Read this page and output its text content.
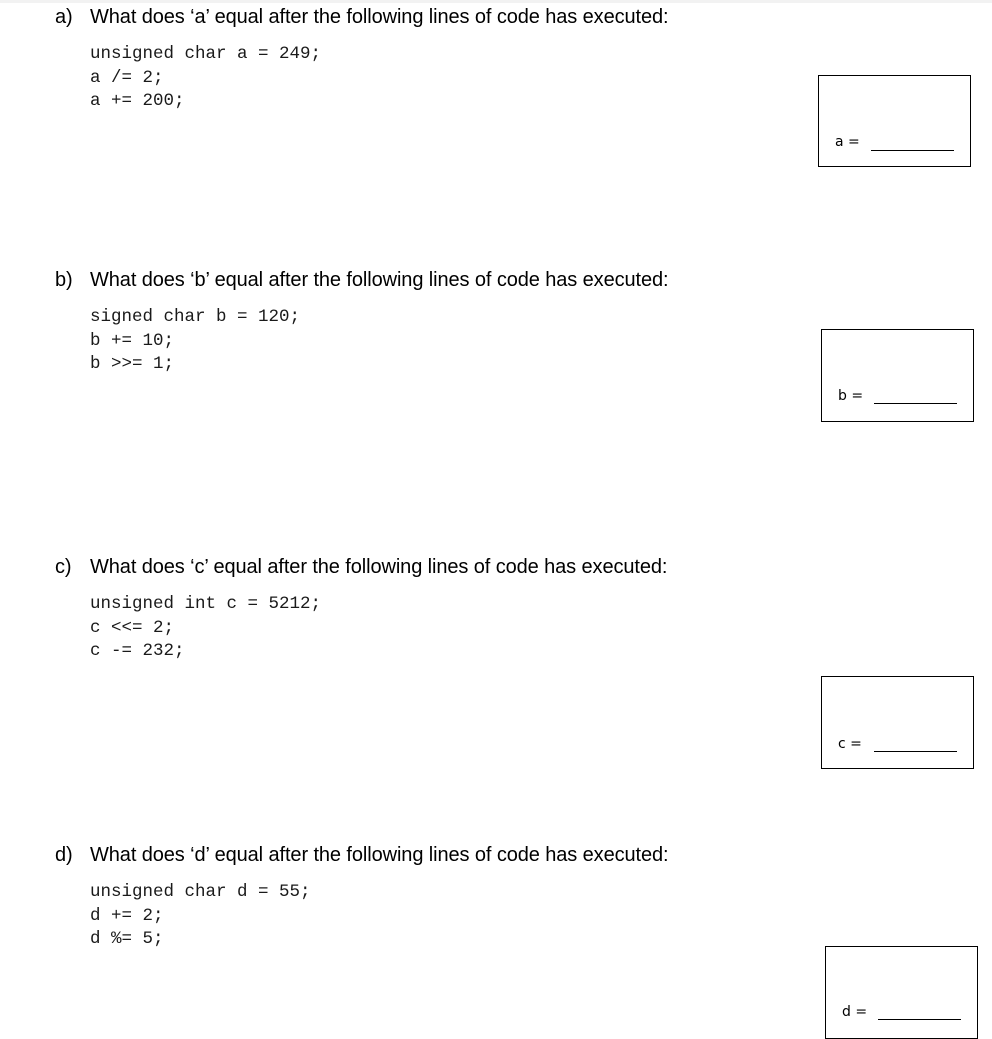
a) What does ‘a’ equal after the following lines of code has executed:
unsigned char a = 249;
a /= 2;
a += 200;
a =
b) What does ‘b’ equal after the following lines of code has executed:
signed char b = 120;
b += 10;
b >>= 1;
b =
c) What does ‘c’ equal after the following lines of code has executed:
unsigned int c = 5212;
c <<= 2;
c -= 232;
c =
d) What does ‘d’ equal after the following lines of code has executed:
unsigned char d = 55;
d += 2;
d %= 5;
d =
